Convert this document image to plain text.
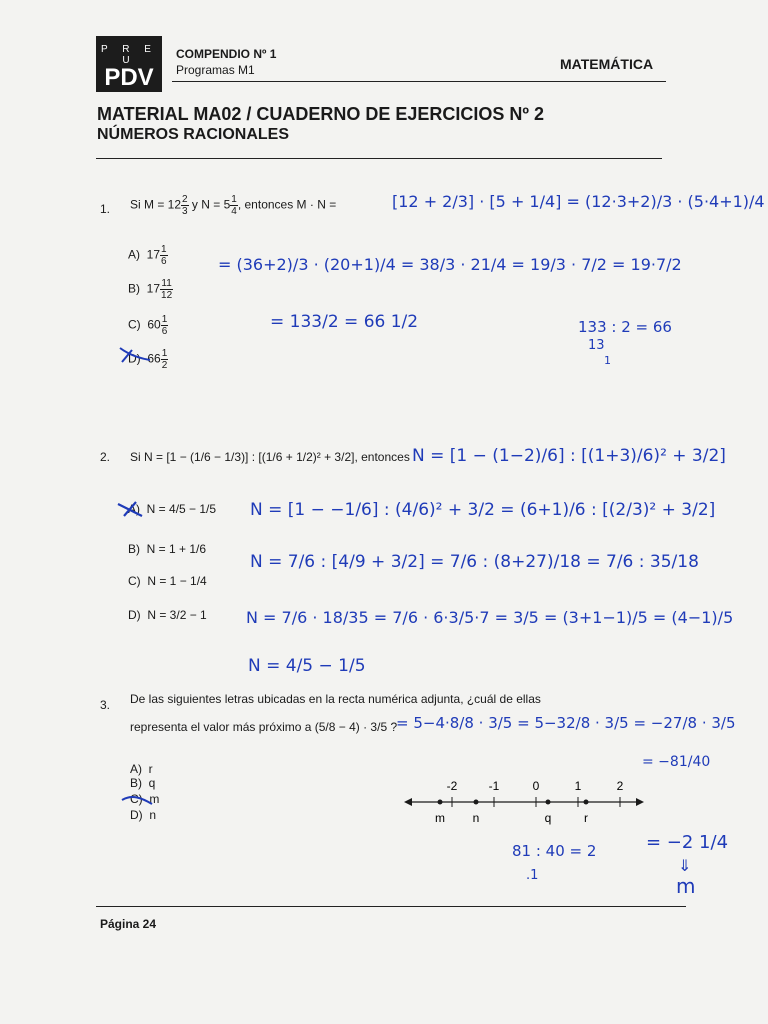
P R E U
PDV
COMPENDIO Nº 1
Programas M1	MATEMÁTICA
MATERIAL MA02 / CUADERNO DE EJERCICIOS Nº 2
NÚMEROS RACIONALES
1. Si $M = 12 \frac{2}{3}$ y $N = 5 \frac{1}{4}$ , entonces M · N =
A) $17 \frac{1}{6}$
B) $17 \frac{11}{12}$
C) $60 \frac{1}{6}$
D) $66 \frac{1}{2}$
[12 + 2/3] · [5 + 1/4] = (12·3+2)/3 · (5·4+1)/4
= (36+2)/3 · (20+1)/4 = 38/3 · 21/4 = 19/3 · 7/2 = 19·7/2
= 133/2 = 66 1/2	133 : 2 = 66
13
1
2. Si N = [1 − (1/6 − 1/3)] : [(1/6 + 1/2)² + 3/2], entonces
A) N = 4/5 − 1/5
B) N = 1 + 1/6
C) N = 1 − 1/4
D) N = 3/2 − 1
N = [1 − (1−2)/6] : [(1+3)/6)² + 3/2]
N = [1 − −1/6] : (4/6)² + 3/2 = (6+1)/6 : [(2/3)² + 3/2]
N = 7/6 : [4/9 + 3/2] = 7/6 : (8+27)/18 = 7/6 : 35/18
N = 7/6 · 18/35 = 7/6 · 6·3/5·7 = 3/5 = (3+1−1)/5 = (4−1)/5
N = 4/5 − 1/5
3. De las siguientes letras ubicadas en la recta numérica adjunta, ¿cuál de ellas
representa el valor más próximo a (5/8 − 4) · 3/5 ?
A) r
B) q
C) m
D) n
-2	-1	0	1	2
m n	q	r
= 5−4·8/8 · 3/5 = 5−32/8 · 3/5 = −27/8 · 3/5
= −81/40
= −2 1/4
⇓
m
81 : 40 = 2
.1
Página 24
